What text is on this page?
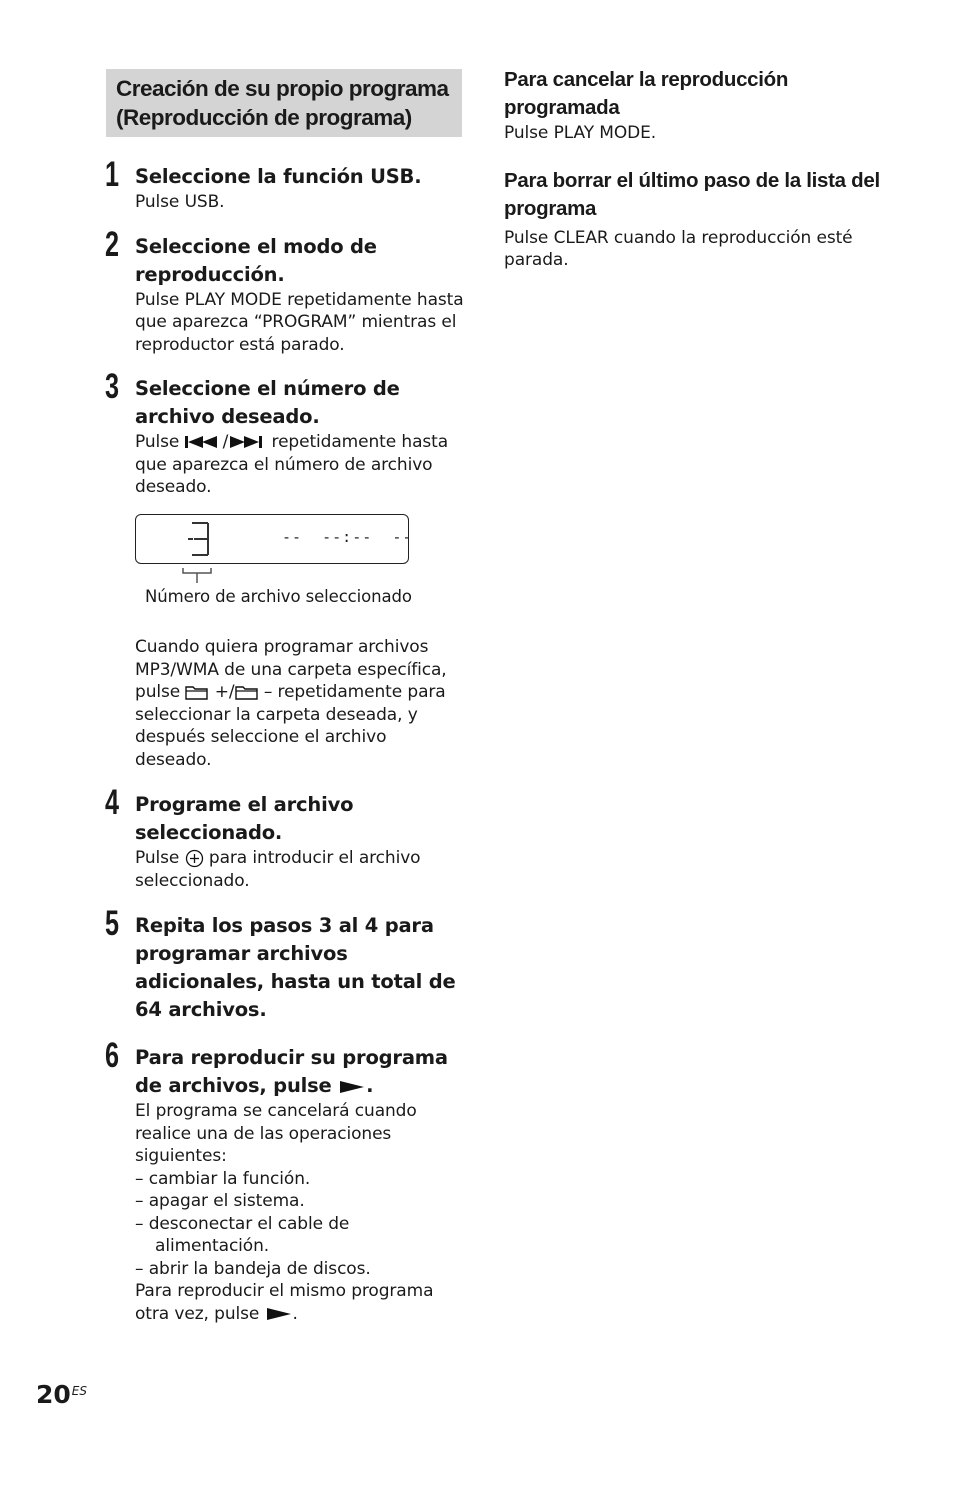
Creación de su propio programa (Reproducción de programa)
1 Seleccione la función USB.
Pulse USB.
2 Seleccione el modo de reproducción.
Pulse PLAY MODE repetidamente hasta que aparezca “PROGRAM” mientras el reproductor está parado.
3 Seleccione el número de archivo deseado.
Pulse	/	repetidamente hasta que aparezca el número de archivo deseado.
--  --:--  --
Número de archivo seleccionado
Cuando quiera programar archivos MP3/WMA de una carpeta específica, pulse +/ – repetidamente para seleccionar la carpeta deseada, y después seleccione el archivo deseado.
4 Programe el archivo seleccionado.
Pulse para introducir el archivo seleccionado.
5 Repita los pasos 3 al 4 para programar archivos adicionales, hasta un total de 64 archivos.
6 Para reproducir su programa de archivos, pulse .
El programa se cancelará cuando realice una de las operaciones siguientes:
– cambiar la función.
– apagar el sistema.
– desconectar el cable de alimentación.
– abrir la bandeja de discos.
Para reproducir el mismo programa otra vez, pulse .
Para cancelar la reproducción programada
Pulse PLAY MODE.
Para borrar el último paso de la lista del programa
Pulse CLEAR cuando la reproducción esté parada.
$20^{ES}$
